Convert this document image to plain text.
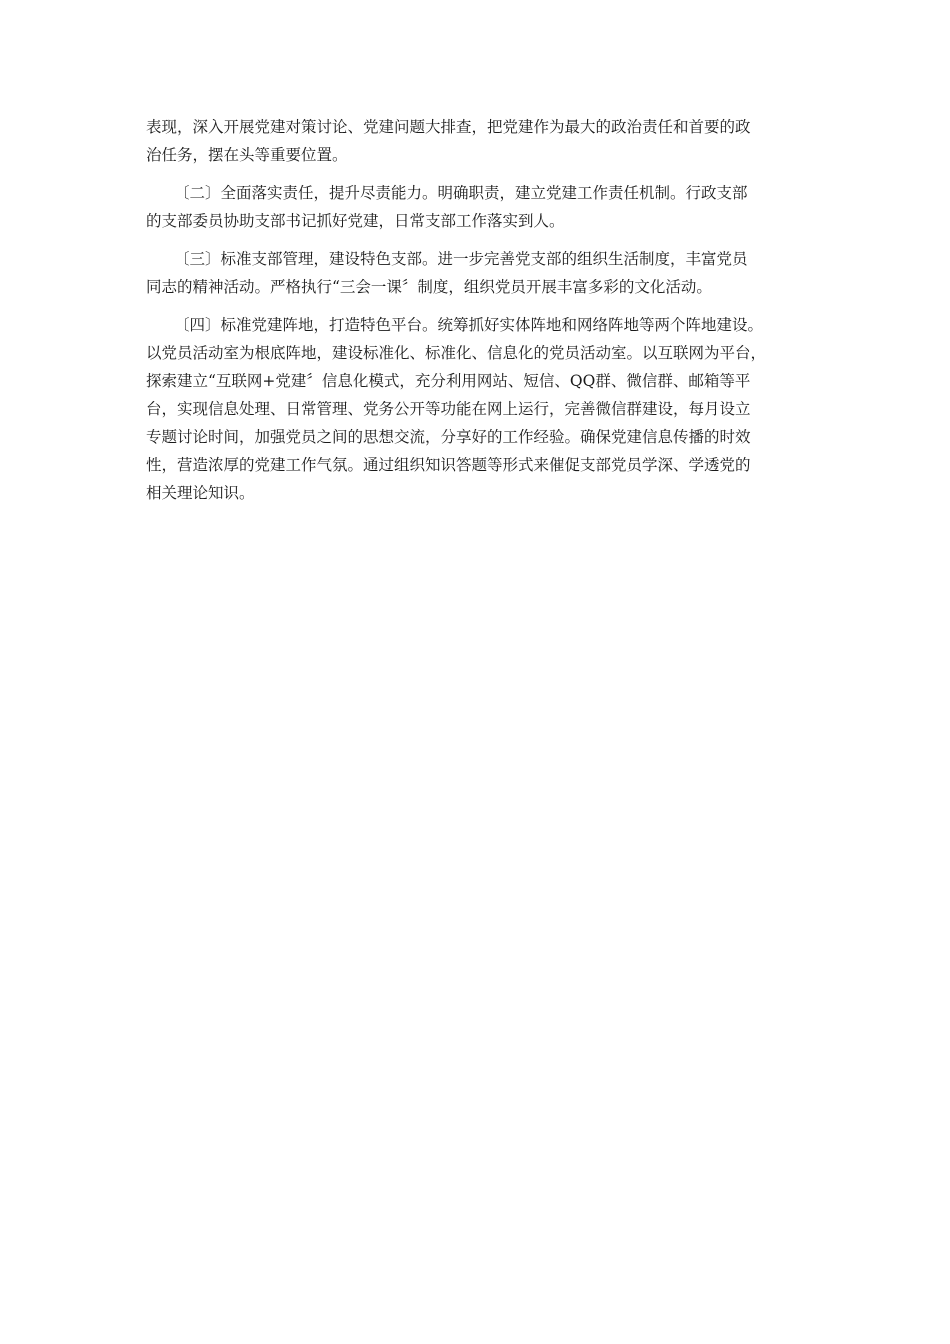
表现，深入开展党建对策讨论、党建问题大排查，把党建作为最大的政治责任和首要的政
治任务，摆在头等重要位置。
〔二〕全面落实责任，提升尽责能力。明确职责，建立党建工作责任机制。行政支部
的支部委员协助支部书记抓好党建，日常支部工作落实到人。
〔三〕标准支部管理，建设特色支部。进一步完善党支部的组织生活制度，丰富党员
同志的精神活动。严格执行“三会一课〞制度，组织党员开展丰富多彩的文化活动。
〔四〕标准党建阵地，打造特色平台。统筹抓好实体阵地和网络阵地等两个阵地建设。
以党员活动室为根底阵地，建设标准化、标准化、信息化的党员活动室。以互联网为平台，
探索建立“互联网+党建〞信息化模式，充分利用网站、短信、QQ群、微信群、邮箱等平
台，实现信息处理、日常管理、党务公开等功能在网上运行，完善微信群建设，每月设立
专题讨论时间，加强党员之间的思想交流，分享好的工作经验。确保党建信息传播的时效
性，营造浓厚的党建工作气氛。通过组织知识答题等形式来催促支部党员学深、学透党的
相关理论知识。
